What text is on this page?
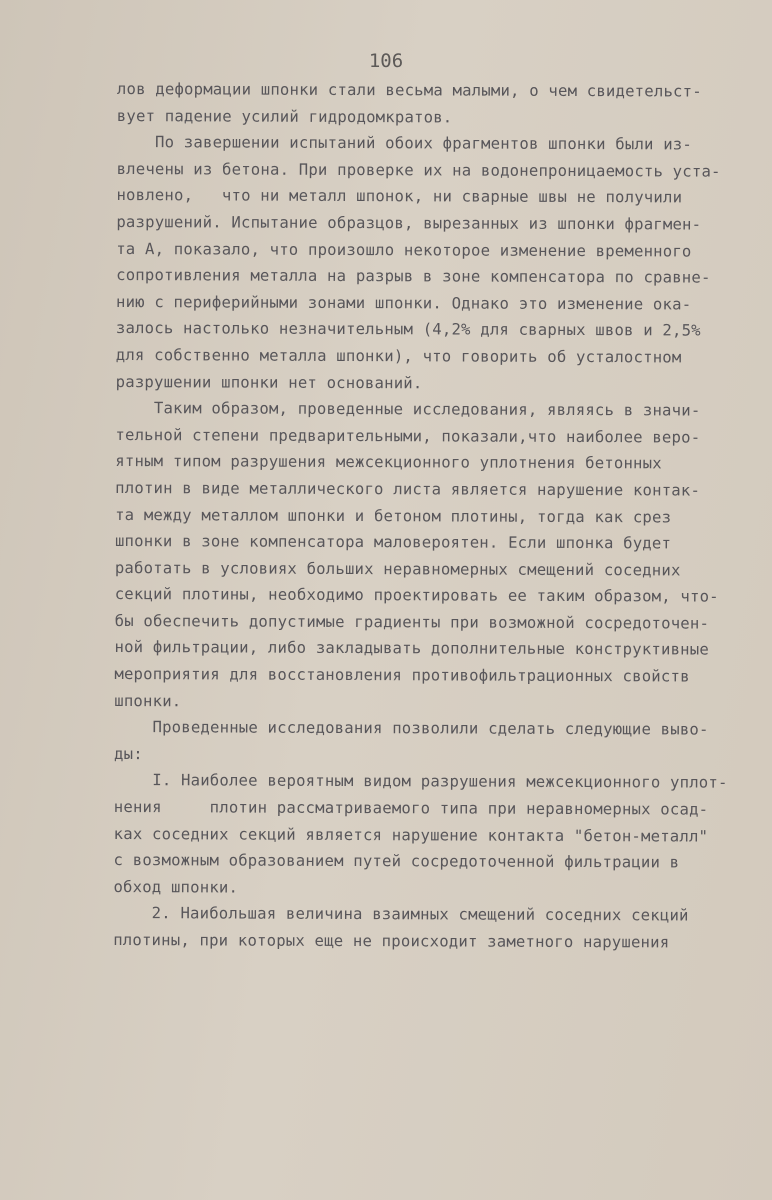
106
лов деформации шпонки стали весьма малыми, о чем свидетельст-
вует падение усилий гидродомкратов.
По завершении испытаний обоих фрагментов шпонки были из-
влечены из бетона. При проверке их на водонепроницаемость уста-
новлено,   что ни металл шпонок, ни сварные швы не получили
разрушений. Испытание образцов, вырезанных из шпонки фрагмен-
та А, показало, что произошло некоторое изменение временного
сопротивления металла на разрыв в зоне компенсатора по сравне-
нию с периферийными зонами шпонки. Однако это изменение ока-
залось настолько незначительным (4,2% для сварных швов и 2,5%
для собственно металла шпонки), что говорить об усталостном
разрушении шпонки нет оснований.
Таким образом, проведенные исследования, являясь в значи-
тельной степени предварительными, показали,что наиболее веро-
ятным типом разрушения межсекционного уплотнения бетонных
плотин в виде металлического листа является нарушение контак-
та между металлом шпонки и бетоном плотины, тогда как срез
шпонки в зоне компенсатора маловероятен. Если шпонка будет
работать в условиях больших неравномерных смещений соседних
секций плотины, необходимо проектировать ее таким образом, что-
бы обеспечить допустимые градиенты при возможной сосредоточен-
ной фильтрации, либо закладывать дополнительные конструктивные
мероприятия для восстановления противофильтрационных свойств
шпонки.
Проведенные исследования позволили сделать следующие выво-
ды:
I. Наиболее вероятным видом разрушения межсекционного уплот-
нения     плотин рассматриваемого типа при неравномерных осад-
ках соседних секций является нарушение контакта "бетон-металл"
с возможным образованием путей сосредоточенной фильтрации в
обход шпонки.
2. Наибольшая величина взаимных смещений соседних секций
плотины, при которых еще не происходит заметного нарушения
